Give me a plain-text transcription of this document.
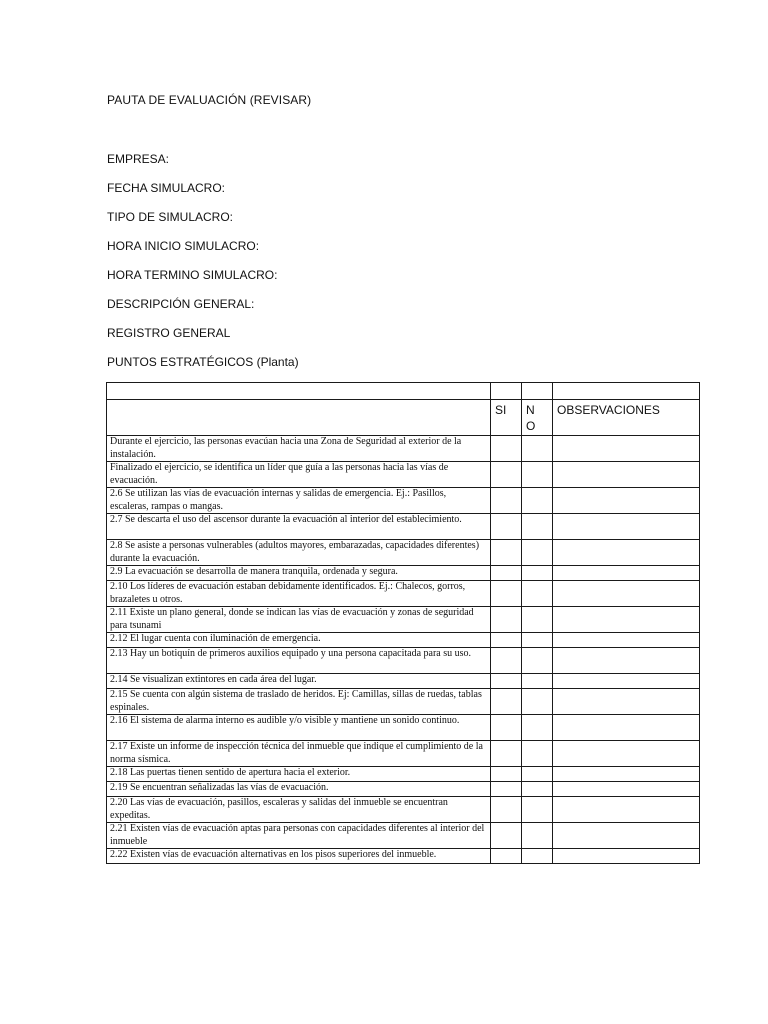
PAUTA DE EVALUACIÓN (REVISAR)
EMPRESA:
FECHA SIMULACRO:
TIPO DE SIMULACRO:
HORA INICIO SIMULACRO:
HORA TERMINO SIMULACRO:
DESCRIPCIÓN GENERAL:
REGISTRO GENERAL
PUNTOS ESTRATÉGICOS (Planta)

	SI	NO	OBSERVACIONES
Durante el ejercicio, las personas evacúan hacia una Zona de Seguridad al exterior de la instalación.			
Finalizado el ejercicio, se identifica un líder que guía a las personas hacia las vías de evacuación.			
2.6 Se utilizan las vías de evacuación internas y salidas de emergencia. Ej.: Pasillos, escaleras, rampas o mangas.			
2.7 Se descarta el uso del ascensor durante la evacuación al interior del establecimiento.			
2.8 Se asiste a personas vulnerables (adultos mayores, embarazadas, capacidades diferentes) durante la evacuación.			
2.9 La evacuación se desarrolla de manera tranquila, ordenada y segura.			
2.10 Los líderes de evacuación estaban debidamente identificados. Ej.: Chalecos, gorros, brazaletes u otros.			
2.11 Existe un plano general, donde se indican las vías de evacuación y zonas de seguridad para tsunami			
2.12 El lugar cuenta con iluminación de emergencia.			
2.13 Hay un botiquín de primeros auxilios equipado y una persona capacitada para su uso.			
2.14 Se visualizan extintores en cada área del lugar.			
2.15 Se cuenta con algún sistema de traslado de heridos. Ej: Camillas, sillas de ruedas, tablas espinales.			
2.16 El sistema de alarma interno es audible y/o visible y mantiene un sonido continuo.			
2.17 Existe un informe de inspección técnica del inmueble que indique el cumplimiento de la norma sísmica.			
2.18 Las puertas tienen sentido de apertura hacia el exterior.			
2.19 Se encuentran señalizadas las vías de evacuación.			
2.20 Las vías de evacuación, pasillos, escaleras y salidas del inmueble se encuentran expeditas.			
2.21 Existen vías de evacuación aptas para personas con capacidades diferentes al interior del inmueble			
2.22 Existen vías de evacuación alternativas en los pisos superiores del inmueble.			
